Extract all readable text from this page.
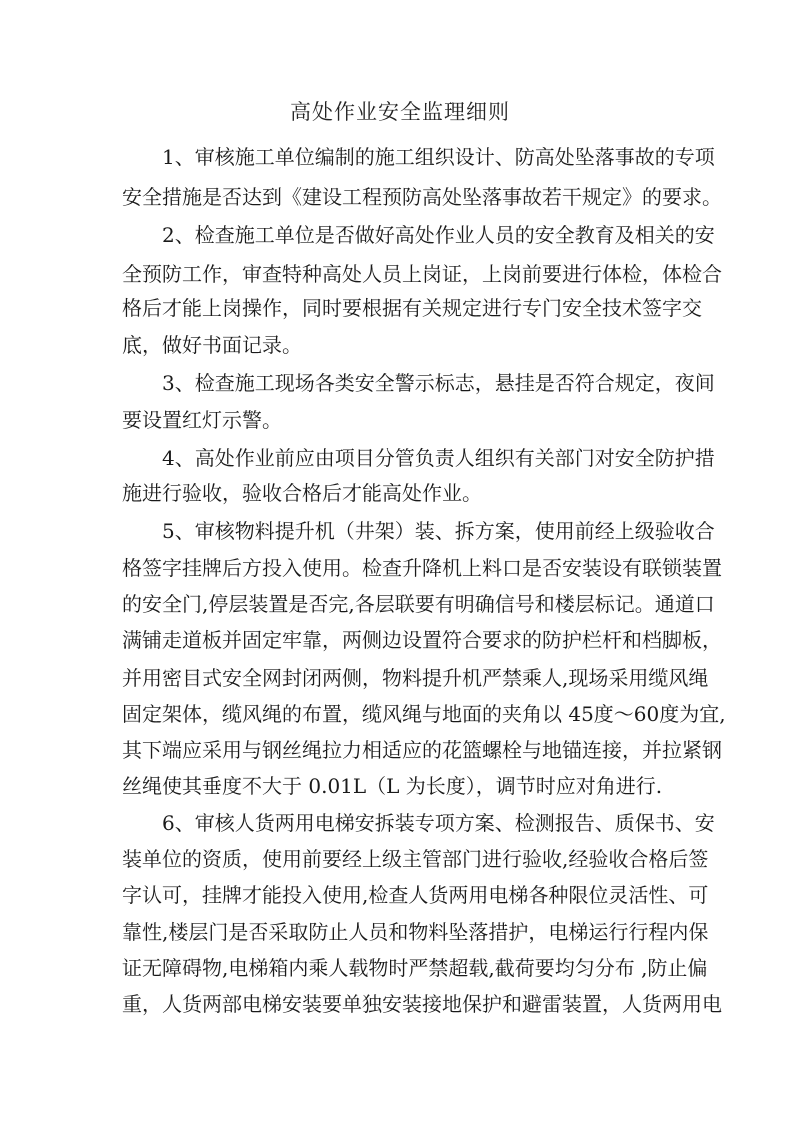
高处作业安全监理细则
1、审核施工单位编制的施工组织设计、防高处坠落事故的专项
安全措施是否达到《建设工程预防高处坠落事故若干规定》的要求。
2、检查施工单位是否做好高处作业人员的安全教育及相关的安
全预防工作，审查特种高处人员上岗证，上岗前要进行体检，体检合
格后才能上岗操作，同时要根据有关规定进行专门安全技术签字交
底，做好书面记录。
3、检查施工现场各类安全警示标志，悬挂是否符合规定，夜间
要设置红灯示警。
4、高处作业前应由项目分管负责人组织有关部门对安全防护措
施进行验收，验收合格后才能高处作业。
5、审核物料提升机（井架）装、拆方案，使用前经上级验收合
格签字挂牌后方投入使用。检查升降机上料口是否安装设有联锁装置
的安全门,停层装置是否完,各层联要有明确信号和楼层标记。通道口
满铺走道板并固定牢靠，两侧边设置符合要求的防护栏杆和档脚板，
并用密目式安全网封闭两侧，物料提升机严禁乘人,现场采用缆风绳
固定架体，缆风绳的布置，缆风绳与地面的夹角以 45度～60度为宜,
其下端应采用与钢丝绳拉力相适应的花篮螺栓与地锚连接，并拉紧钢
丝绳使其垂度不大于 0.01L（L 为长度），调节时应对角进行.
6、审核人货两用电梯安拆装专项方案、检测报告、质保书、安
装单位的资质，使用前要经上级主管部门进行验收,经验收合格后签
字认可，挂牌才能投入使用,检查人货两用电梯各种限位灵活性、可
靠性,楼层门是否采取防止人员和物料坠落措护，电梯运行行程内保
证无障碍物,电梯箱内乘人载物时严禁超载,截荷要均匀分布 ,防止偏
重，人货两部电梯安装要单独安装接地保护和避雷装置，人货两用电
